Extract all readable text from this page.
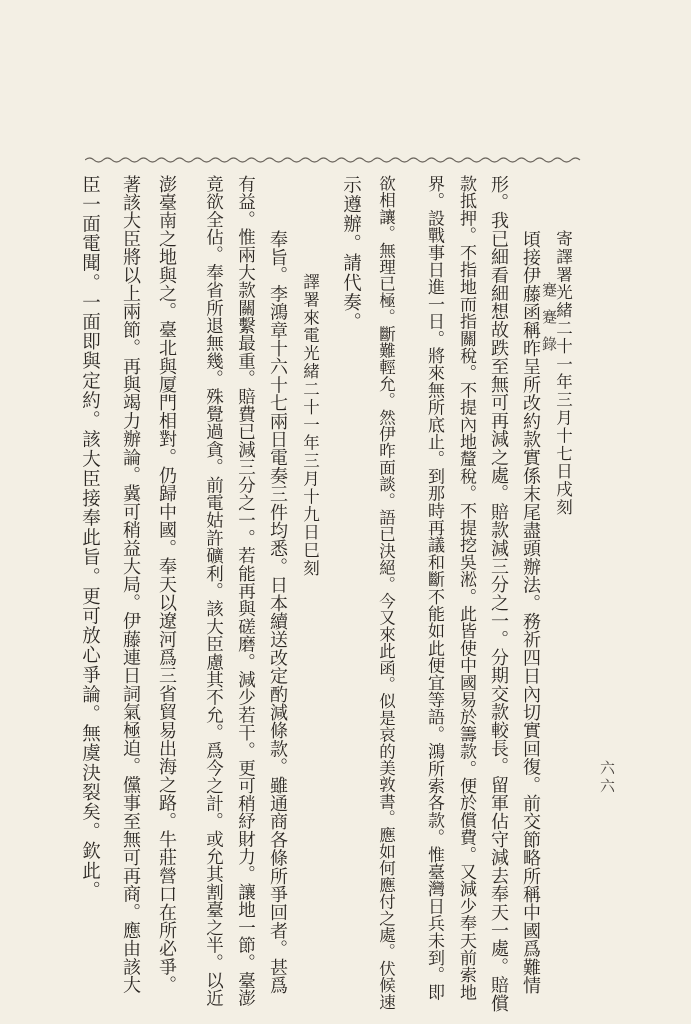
蹇蹇錄
六六
寄譯署光緒二十一年三月十七日戌刻
頃接伊藤函稱昨呈所改約款實係末尾盡頭辦法。務祈四日內切實回復。前交節略所稱中國爲難情
形。我已細看細想故跌至無可再減之處。賠款減三分之一。分期交款較長。留軍佔守減去奉天一處。賠償
款抵押。不指地而指關稅。不提內地釐稅。不提挖吳淞。此皆使中國易於籌款。便於償費。又減少奉天前索地
界。設戰事日進一日。將來無所底止。到那時再議和斷不能如此便宜等語。鴻所索各款。惟臺灣日兵未到。即
欲相讓。無理已極。斷難輕允。然伊昨面談。語已決絕。今又來此函。似是哀的美敦書。應如何應付之處。伏候速
示遵辦。請代奏。
譯署來電光緒二十一年三月十九日巳刻
奉旨。李鴻章十六十七兩日電奏三件均悉。日本續送改定酌減條款。雖通商各條所爭回者。甚爲
有益。惟兩大款關繫最重。賠費已減三分之一。若能再與磋磨。減少若干。更可稍紓財力。讓地一節。臺澎
竟欲全佔。奉省所退無幾。殊覺過貪。前電姑許礦利。該大臣慮其不允。爲今之計。或允其割臺之半。以近
澎臺南之地與之。臺北與厦門相對。仍歸中國。奉天以遼河爲三省貿易出海之路。牛莊營口在所必爭。
著該大臣將以上兩節。再與竭力辦論。冀可稍益大局。伊藤連日詞氣極迫。儻事至無可再商。應由該大
臣一面電聞。一面即與定約。該大臣接奉此旨。更可放心爭論。無虞決裂矣。欽此。
